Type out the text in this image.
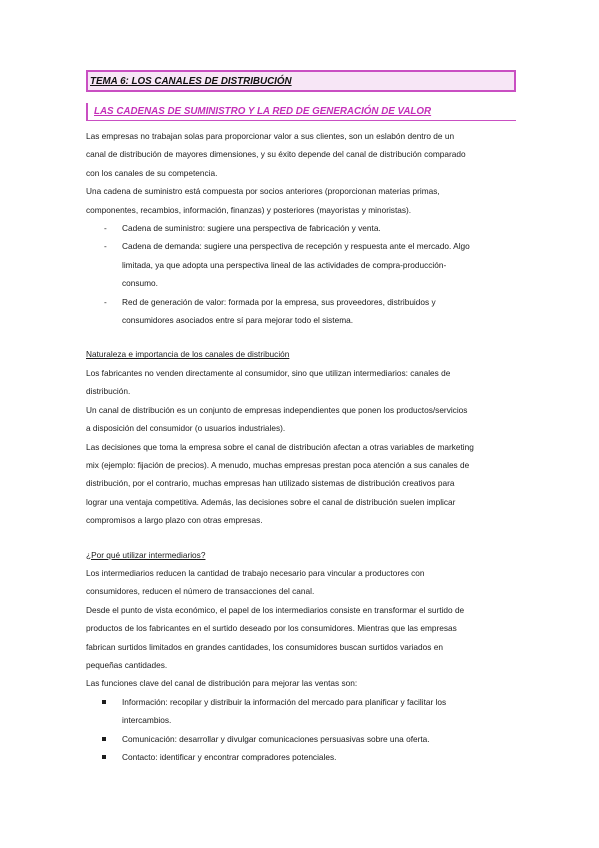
TEMA 6: LOS CANALES DE DISTRIBUCIÓN
LAS CADENAS DE SUMINISTRO Y LA RED DE GENERACIÓN DE VALOR

Las empresas no trabajan solas para proporcionar valor a sus clientes, son un eslabón dentro de un
canal de distribución de mayores dimensiones, y su éxito depende del canal de distribución comparado
con los canales de su competencia.

Una cadena de suministro está compuesta por socios anteriores (proporcionan materias primas,
componentes, recambios, información, finanzas) y posteriores (mayoristas y minoristas).

- Cadena de suministro: sugiere una perspectiva de fabricación y venta.
- Cadena de demanda: sugiere una perspectiva de recepción y respuesta ante el mercado. Algo
limitada, ya que adopta una perspectiva lineal de las actividades de compra-producción-
consumo.
- Red de generación de valor: formada por la empresa, sus proveedores, distribuidos y
consumidores asociados entre sí para mejorar todo el sistema.

Naturaleza e importancia de los canales de distribución

Los fabricantes no venden directamente al consumidor, sino que utilizan intermediarios: canales de
distribución.

Un canal de distribución es un conjunto de empresas independientes que ponen los productos/servicios
a disposición del consumidor (o usuarios industriales).

Las decisiones que toma la empresa sobre el canal de distribución afectan a otras variables de marketing
mix (ejemplo: fijación de precios). A menudo, muchas empresas prestan poca atención a sus canales de
distribución, por el contrario, muchas empresas han utilizado sistemas de distribución creativos para
lograr una ventaja competitiva. Además, las decisiones sobre el canal de distribución suelen implicar
compromisos a largo plazo con otras empresas.

¿Por qué utilizar intermediarios?

Los intermediarios reducen la cantidad de trabajo necesario para vincular a productores con
consumidores, reducen el número de transacciones del canal.

Desde el punto de vista económico, el papel de los intermediarios consiste en transformar el surtido de
productos de los fabricantes en el surtido deseado por los consumidores. Mientras que las empresas
fabrican surtidos limitados en grandes cantidades, los consumidores buscan surtidos variados en
pequeñas cantidades.

Las funciones clave del canal de distribución para mejorar las ventas son:

Información: recopilar y distribuir la información del mercado para planificar y facilitar los
intercambios.
Comunicación: desarrollar y divulgar comunicaciones persuasivas sobre una oferta.
Contacto: identificar y encontrar compradores potenciales.
